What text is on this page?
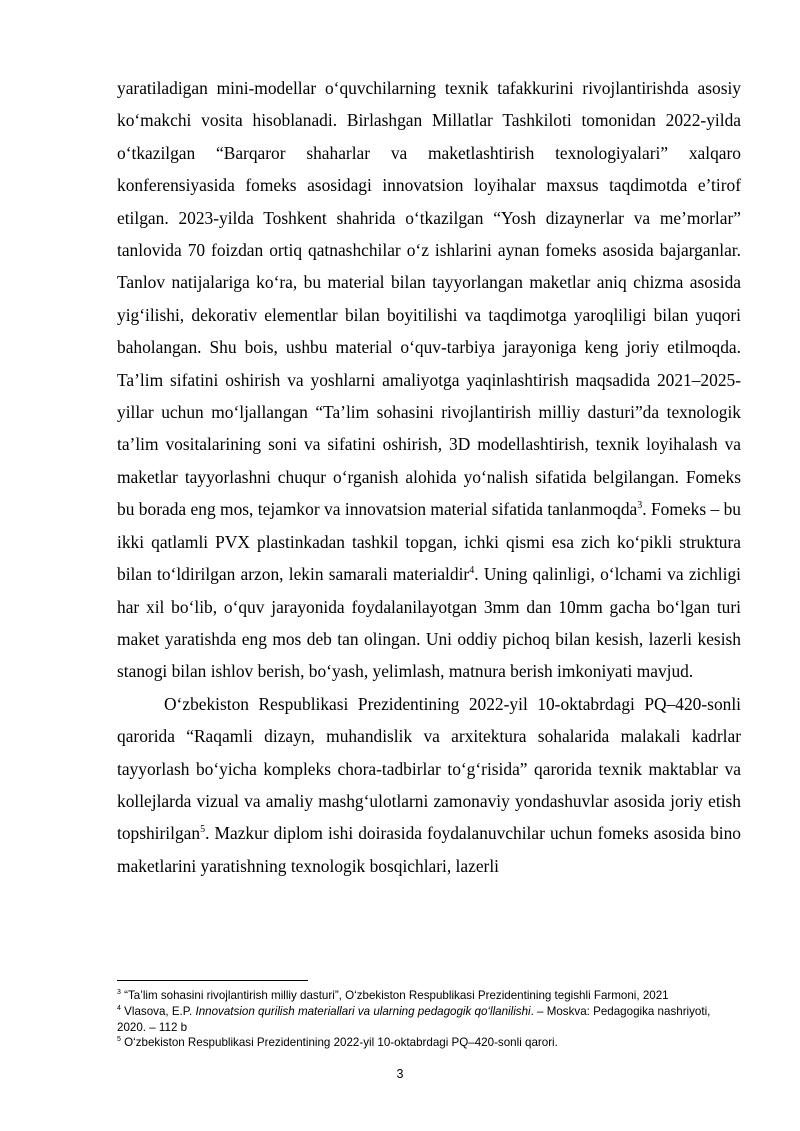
yaratiladigan mini-modellar o‘quvchilarning texnik tafakkurini rivojlantirishda asosiy ko‘makchi vosita hisoblanadi. Birlashgan Millatlar Tashkiloti tomonidan 2022-yilda o‘tkazilgan “Barqaror shaharlar va maketlashtirish texnologiyalari” xalqaro konferensiyasida fomeks asosidagi innovatsion loyihalar maxsus taqdimotda e’tirof etilgan. 2023-yilda Toshkent shahrida o‘tkazilgan “Yosh dizaynerlar va me’morlar” tanlovida 70 foizdan ortiq qatnashchilar o‘z ishlarini aynan fomeks asosida bajarganlar. Tanlov natijalariga ko‘ra, bu material bilan tayyorlangan maketlar aniq chizma asosida yig‘ilishi, dekorativ elementlar bilan boyitilishi va taqdimotga yaroqliligi bilan yuqori baholangan. Shu bois, ushbu material o‘quv-tarbiya jarayoniga keng joriy etilmoqda. Ta’lim sifatini oshirish va yoshlarni amaliyotga yaqinlashtirish maqsadida 2021–2025-yillar uchun mo‘ljallangan “Ta’lim sohasini rivojlantirish milliy dasturi”da texnologik ta’lim vositalarining soni va sifatini oshirish, 3D modellashtirish, texnik loyihalash va maketlar tayyorlashni chuqur o‘rganish alohida yo‘nalish sifatida belgilangan. Fomeks bu borada eng mos, tejamkor va innovatsion material sifatida tanlanmoqda$^3$. Fomeks – bu ikki qatlamli PVX plastinkadan tashkil topgan, ichki qismi esa zich ko‘pikli struktura bilan to‘ldirilgan arzon, lekin samarali materialdir$^4$. Uning qalinligi, o‘lchami va zichligi har xil bo‘lib, o‘quv jarayonida foydalanilayotgan 3mm dan 10mm gacha bo‘lgan turi maket yaratishda eng mos deb tan olingan. Uni oddiy pichoq bilan kesish, lazerli kesish stanogi bilan ishlov berish, bo‘yash, yelimlash, matnura berish imkoniyati mavjud.

O‘zbekiston Respublikasi Prezidentining 2022-yil 10-oktabrdagi PQ–420-sonli qarorida “Raqamli dizayn, muhandislik va arxitektura sohalarida malakali kadrlar tayyorlash bo‘yicha kompleks chora-tadbirlar to‘g‘risida” qarorida texnik maktablar va kollejlarda vizual va amaliy mashg‘ulotlarni zamonaviy yondashuvlar asosida joriy etish topshirilgan$^5$. Mazkur diplom ishi doirasida foydalanuvchilar uchun fomeks asosida bino maketlarini yaratishning texnologik bosqichlari, lazerli

$^3$ “Ta’lim sohasini rivojlantirish milliy dasturi”, O‘zbekiston Respublikasi Prezidentining tegishli Farmoni, 2021

$^4$ Vlasova, E.P. Innovatsion qurilish materiallari va ularning pedagogik qo‘llanilishi. – Moskva: Pedagogika nashriyoti, 2020. – 112 b

$^5$ O‘zbekiston Respublikasi Prezidentining 2022-yil 10-oktabrdagi PQ–420-sonli qarori.

3
